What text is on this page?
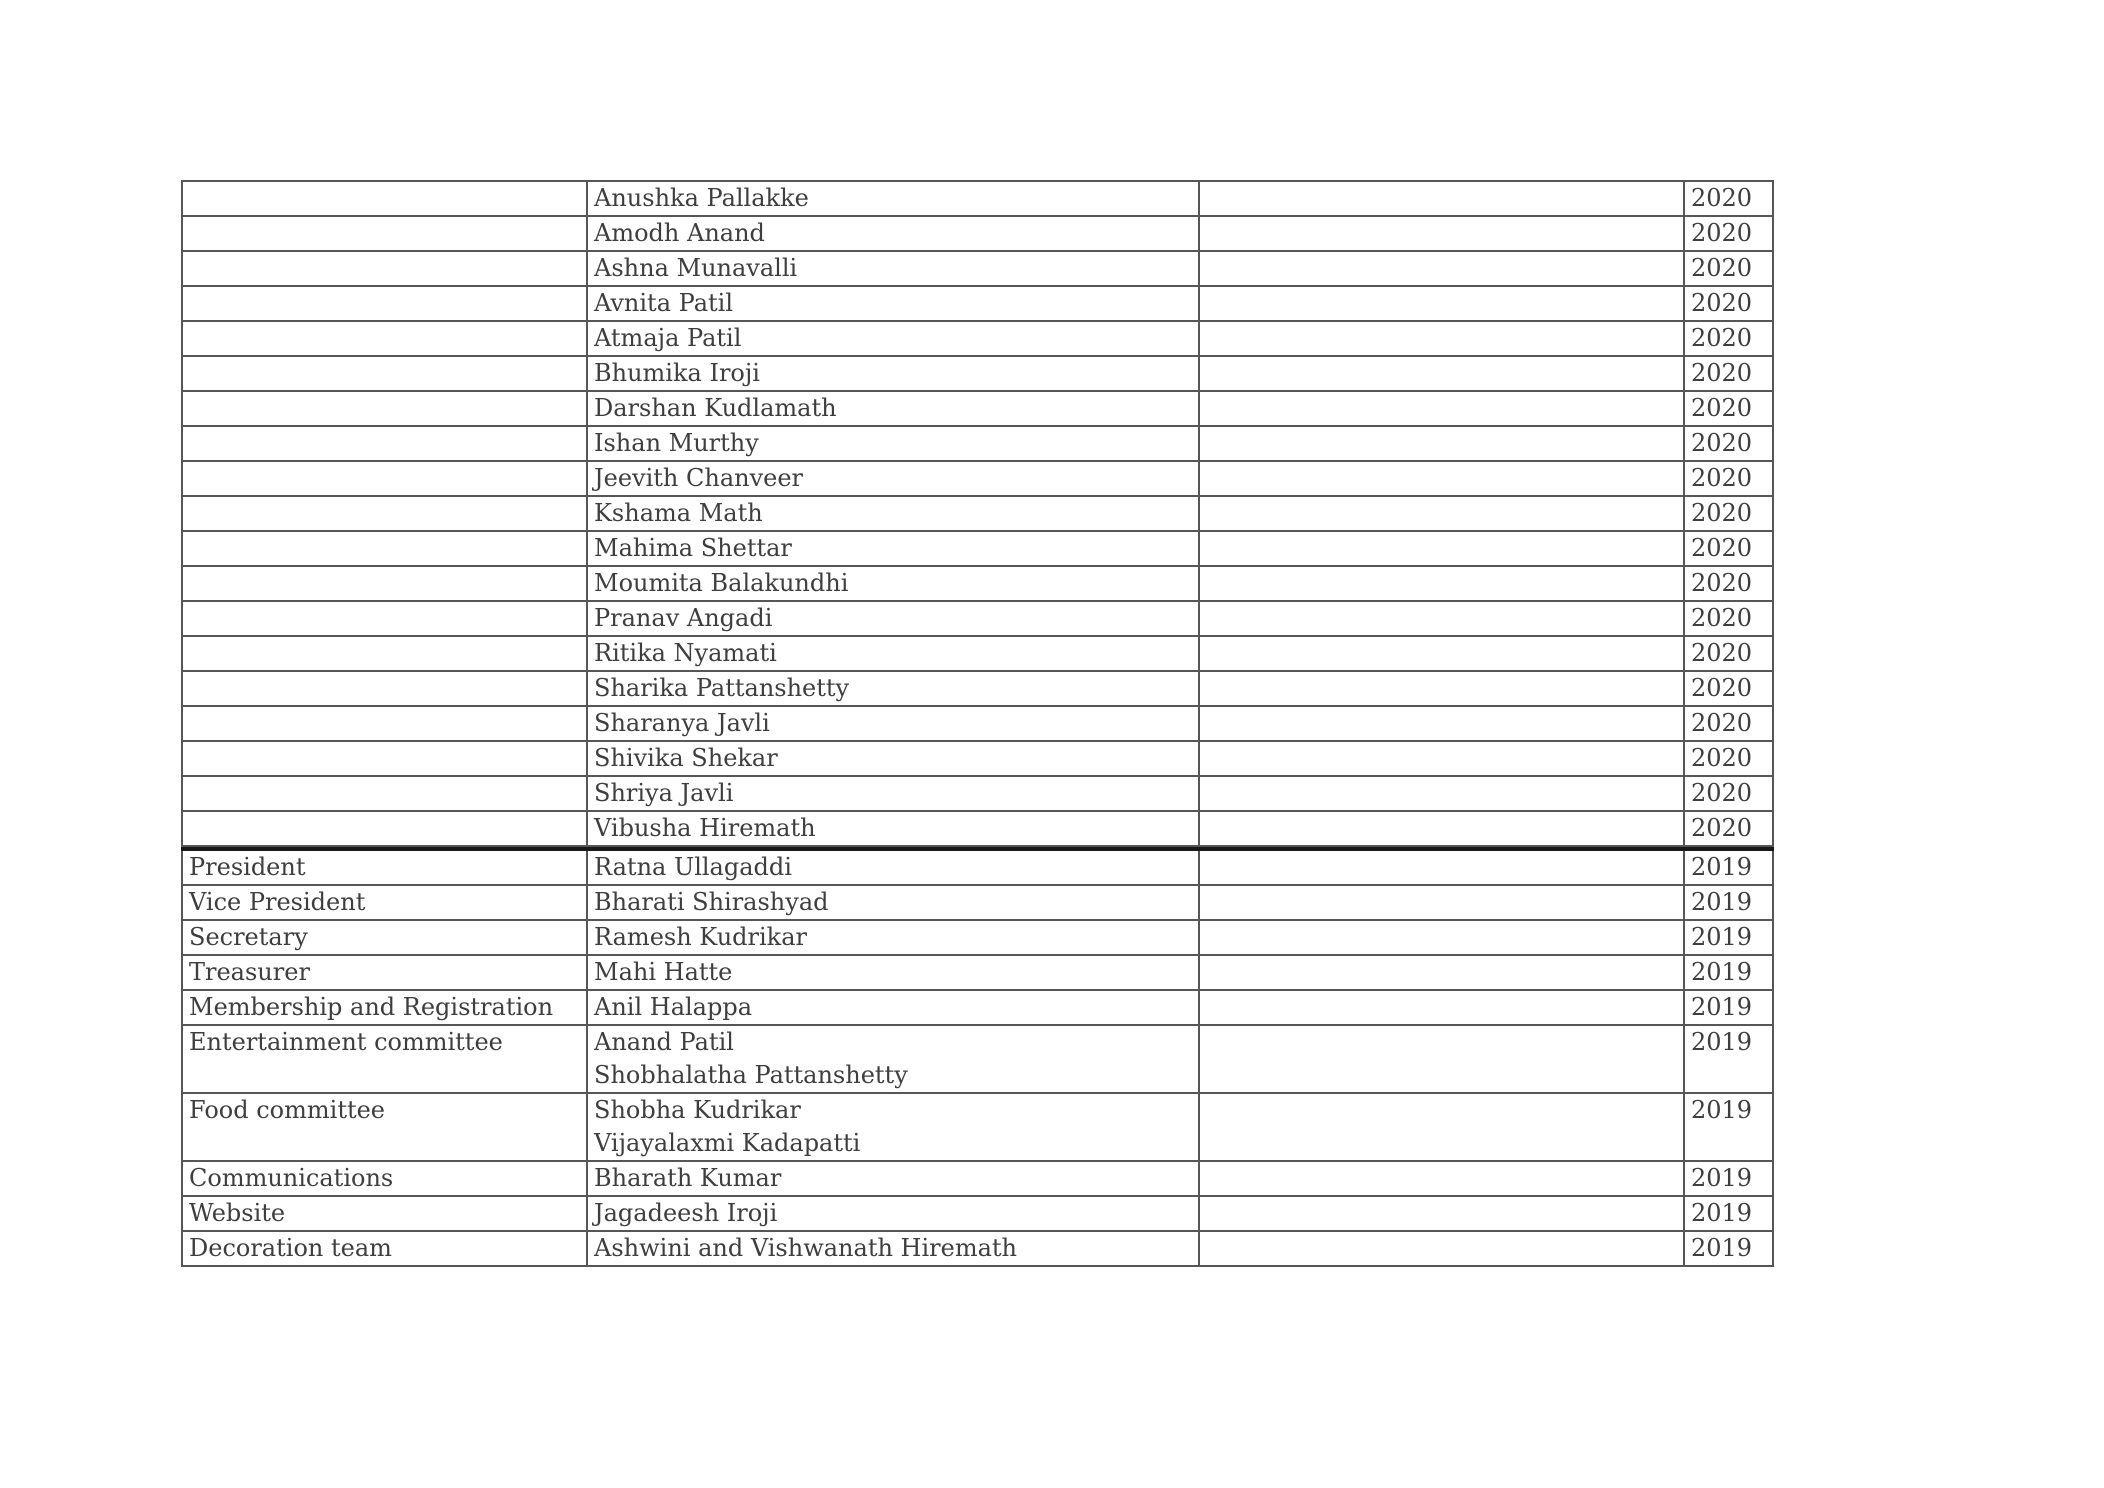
	Anushka Pallakke		2020

	Amodh Anand		2020

	Ashna Munavalli		2020

	Avnita Patil		2020

	Atmaja Patil		2020

	Bhumika Iroji		2020

	Darshan Kudlamath		2020

	Ishan Murthy		2020

	Jeevith Chanveer		2020

	Kshama Math		2020

	Mahima Shettar		2020

	Moumita Balakundhi		2020

	Pranav Angadi		2020

	Ritika Nyamati		2020

	Sharika Pattanshetty		2020

	Sharanya Javli		2020

	Shivika Shekar		2020

	Shriya Javli		2020

	Vibusha Hiremath		2020

President	Ratna Ullagaddi		2019

Vice President	Bharati Shirashyad		2019

Secretary	Ramesh Kudrikar		2019

Treasurer	Mahi Hatte		2019

Membership and Registration	Anil Halappa		2019

Entertainment committee	Anand Patil
Shobhalatha Pattanshetty		2019

Food committee	Shobha Kudrikar
Vijayalaxmi Kadapatti		2019

Communications	Bharath Kumar		2019

Website	Jagadeesh Iroji		2019

Decoration team	Ashwini and Vishwanath Hiremath		2019
